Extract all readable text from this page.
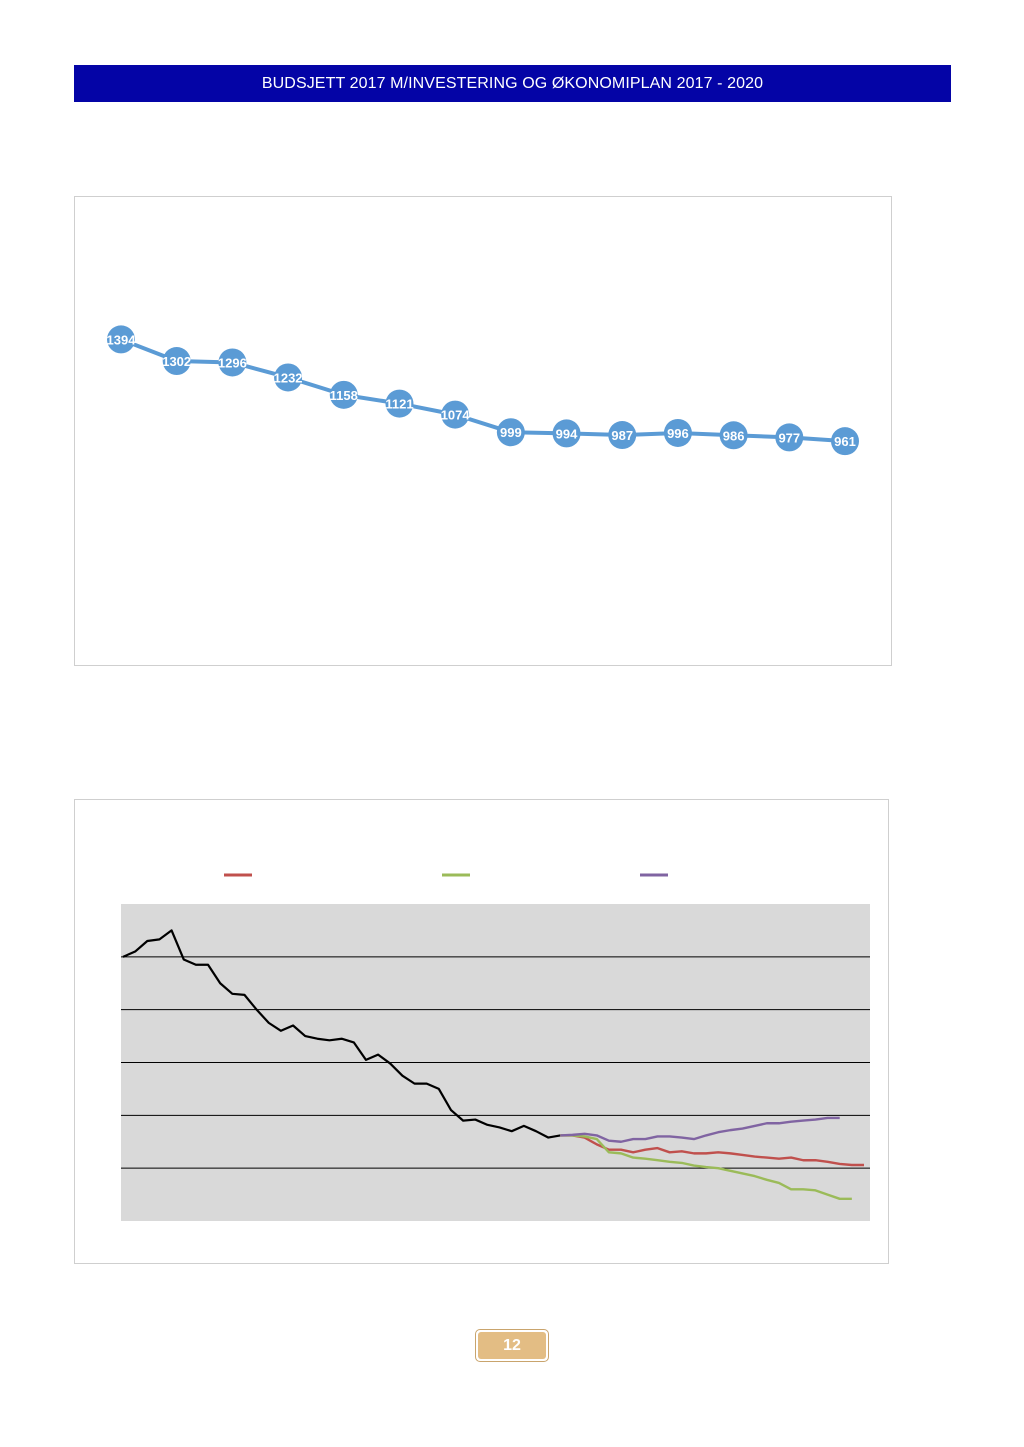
BUDSJETT 2017 M/INVESTERING OG ØKONOMIPLAN 2017 - 2020
1394
1302 1296
1232
1158
1121
1074
999	994	987	996	986	977	961
12
